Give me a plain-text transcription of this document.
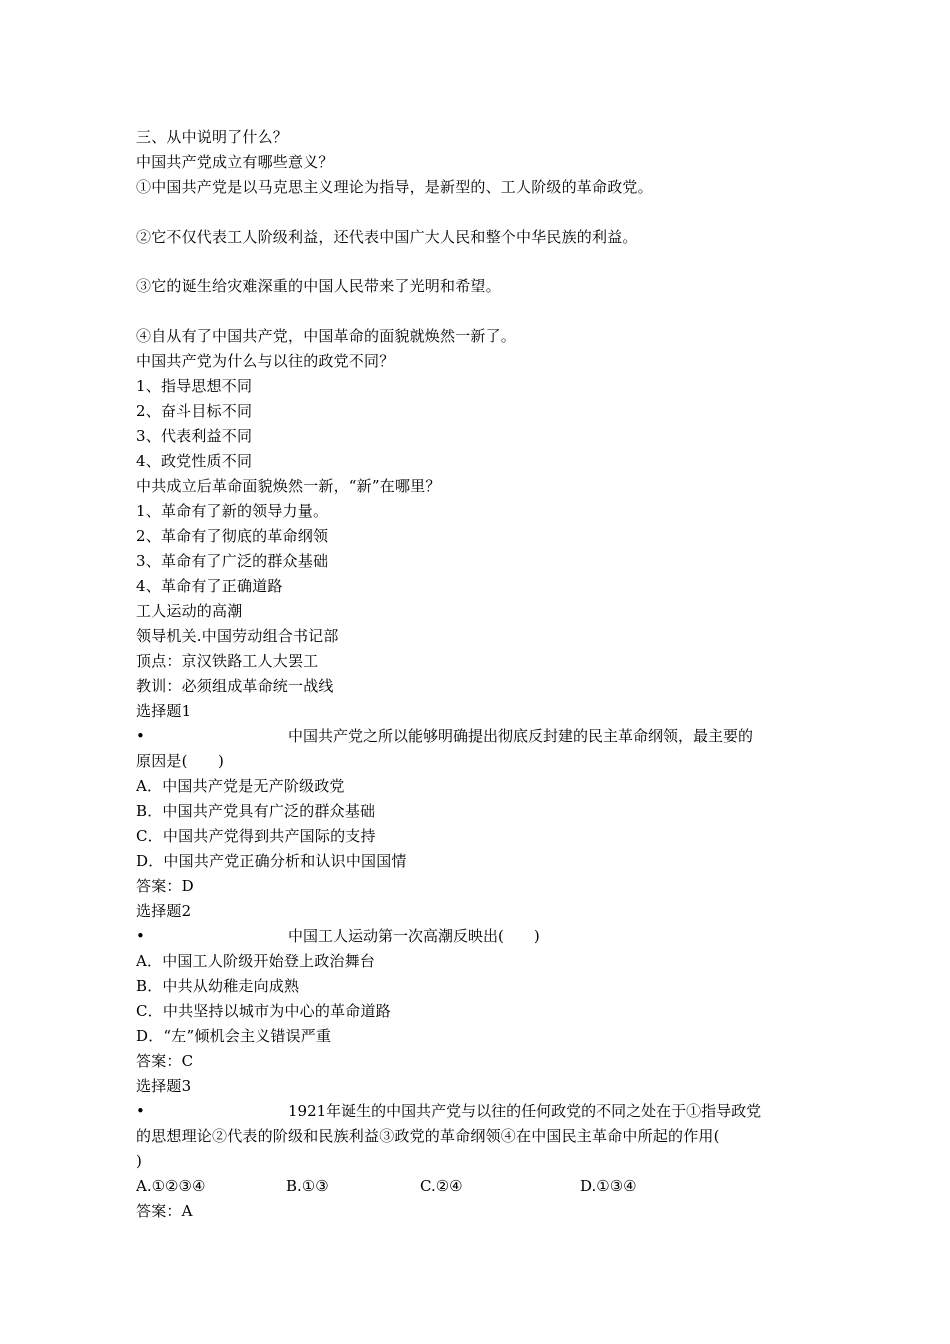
三、从中说明了什么？
中国共产党成立有哪些意义？
①中国共产党是以马克思主义理论为指导，是新型的、工人阶级的革命政党。
②它不仅代表工人阶级利益，还代表中国广大人民和整个中华民族的利益。
③它的诞生给灾难深重的中国人民带来了光明和希望。
④自从有了中国共产党，中国革命的面貌就焕然一新了。
中国共产党为什么与以往的政党不同？
1、指导思想不同
2、奋斗目标不同
3、代表利益不同
4、政党性质不同
中共成立后革命面貌焕然一新，“新”在哪里？
1、革命有了新的领导力量。
2、革命有了彻底的革命纲领
3、革命有了广泛的群众基础
4、革命有了正确道路
工人运动的高潮
领导机关.中国劳动组合书记部
顶点：京汉铁路工人大罢工
教训：必须组成革命统一战线
选择题1
•	中国共产党之所以能够明确提出彻底反封建的民主革命纲领，最主要的
原因是(　　)
A．中国共产党是无产阶级政党
B．中国共产党具有广泛的群众基础
C．中国共产党得到共产国际的支持
D．中国共产党正确分析和认识中国国情
答案：D
选择题2
•	中国工人运动第一次高潮反映出(　　)
A．中国工人阶级开始登上政治舞台
B．中共从幼稚走向成熟
C．中共坚持以城市为中心的革命道路
D．“左”倾机会主义错误严重
答案：C
选择题3
•	1921年诞生的中国共产党与以往的任何政党的不同之处在于①指导政党
的思想理论②代表的阶级和民族利益③政党的革命纲领④在中国民主革命中所起的作用(
)
A.①②③④	B.①③	C.②④	D.①③④
答案：A
